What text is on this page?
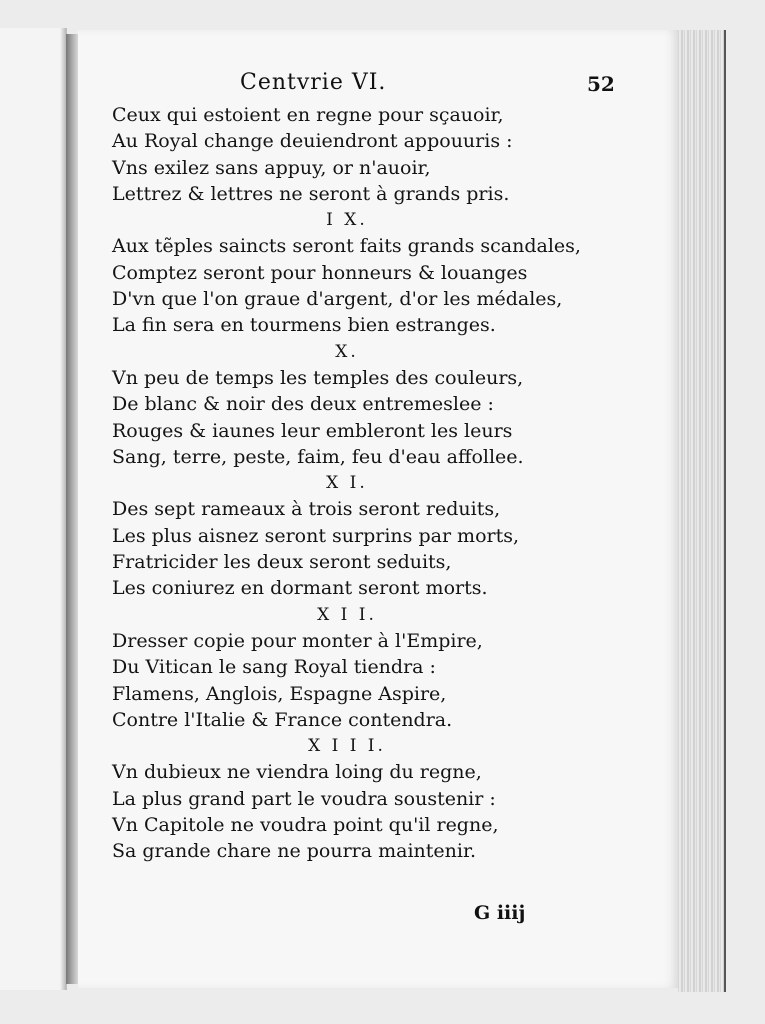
Centvrie VI.	52
Ceux qui estoient en regne pour sçauoir,
Au Royal change deuiendront appouuris :
Vns exilez sans appuy, or n'auoir,
Lettrez & lettres ne seront à grands pris.
I X.
Aux tẽples saincts seront faits grands scandales,
Comptez seront pour honneurs & louanges
D'vn que l'on graue d'argent, d'or les médales,
La fin sera en tourmens bien estranges.
X.
Vn peu de temps les temples des couleurs,
De blanc & noir des deux entremeslee :
Rouges & iaunes leur embleront les leurs
Sang, terre, peste, faim, feu d'eau affollee.
X I.
Des sept rameaux à trois seront reduits,
Les plus aisnez seront surprins par morts,
Fratricider les deux seront seduits,
Les coniurez en dormant seront morts.
X I I.
Dresser copie pour monter à l'Empire,
Du Vitican le sang Royal tiendra :
Flamens, Anglois, Espagne Aspire,
Contre l'Italie & France contendra.
X I I I.
Vn dubieux ne viendra loing du regne,
La plus grand part le voudra soustenir :
Vn Capitole ne voudra point qu'il regne,
Sa grande chare ne pourra maintenir.
G iiij
